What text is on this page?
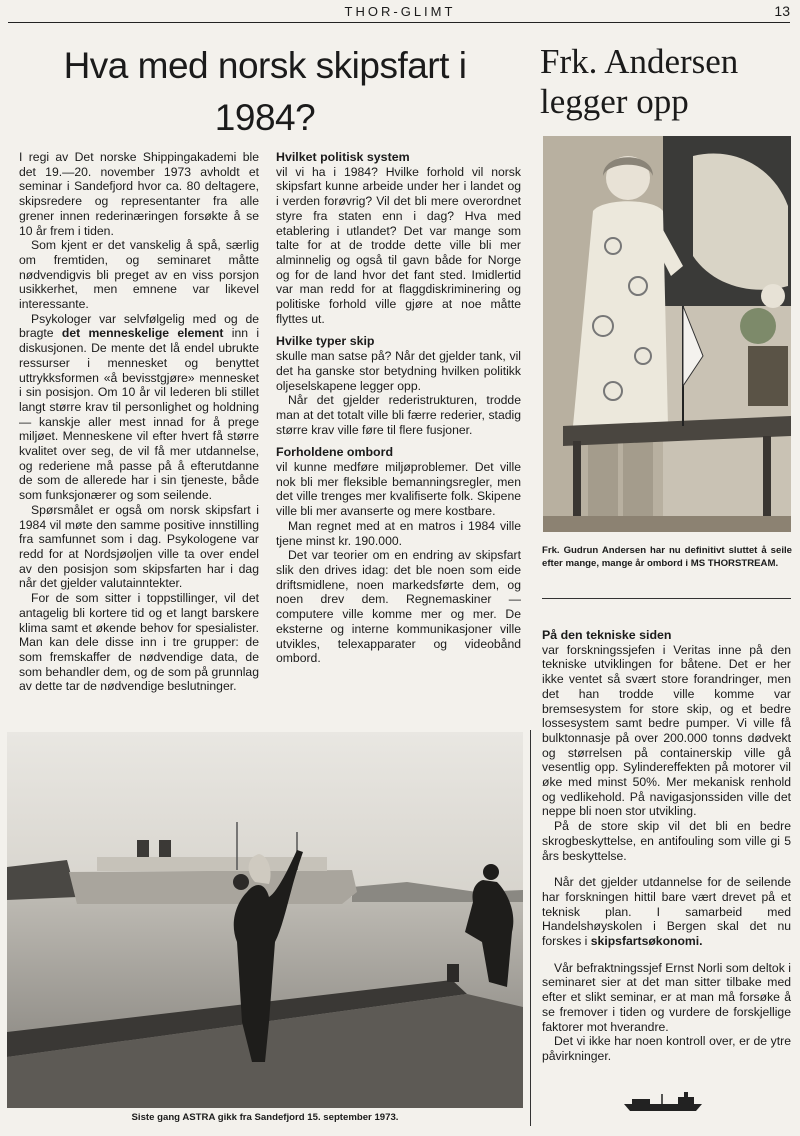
THOR-GLIMT	13
Hva med norsk skipsfart i 1984?
Frk. Andersen legger opp

I regi av Det norske Shippingakademi ble det 19.—20. november 1973 avholdt et seminar i Sandefjord hvor ca. 80 deltagere, skipsredere og representanter fra alle grener innen rederinæringen forsøkte å se 10 år frem i tiden.

Som kjent er det vanskelig å spå, særlig om fremtiden, og seminaret måtte nødvendigvis bli preget av en viss porsjon usikkerhet, men emnene var likevel interessante.

Psykologer var selvfølgelig med og de bragte det menneskelige element inn i diskusjonen. De mente det lå endel ubrukte ressurser i mennesket og benyttet uttrykksformen «å bevisstgjøre» mennesket i sin posisjon. Om 10 år vil lederen bli stillet langt større krav til personlighet og holdning — kanskje aller mest innad for å prege miljøet. Menneskene vil efter hvert få større kvalitet over seg, de vil få mer utdannelse, og rederiene må passe på å efterutdanne de som de allerede har i sin tjeneste, både som funksjonærer og som seilende.

Spørsmålet er også om norsk skipsfart i 1984 vil møte den samme positive innstilling fra samfunnet som i dag. Psykologene var redd for at Nordsjøoljen ville ta over endel av den posisjon som skipsfarten har i dag når det gjelder valutainntekter.

For de som sitter i toppstillinger, vil det antagelig bli kortere tid og et langt barskere klima samt et økende behov for spesialister. Man kan dele disse inn i tre grupper: de som fremskaffer de nødvendige data, de som behandler dem, og de som på grunnlag av dette tar de nødvendige beslutninger.

Hvilket politisk system

vil vi ha i 1984? Hvilke forhold vil norsk skipsfart kunne arbeide under her i landet og i verden forøvrig? Vil det bli mere overordnet styre fra staten enn i dag? Hva med etablering i utlandet? Det var mange som talte for at de trodde dette ville bli mer alminnelig og også til gavn både for Norge og for de land hvor det fant sted. Imidlertid var man redd for at flaggdiskriminering og politiske forhold ville gjøre at noe måtte flyttes ut.

Hvilke typer skip

skulle man satse på? Når det gjelder tank, vil det ha ganske stor betydning hvilken politikk oljeselskapene legger opp.

Når det gjelder rederistrukturen, trodde man at det totalt ville bli færre rederier, stadig større krav ville føre til flere fusjoner.

Forholdene ombord

vil kunne medføre miljøproblemer. Det ville nok bli mer fleksible bemanningsregler, men det ville trenges mer kvalifiserte folk. Skipene ville bli mer avanserte og mere kostbare.

Man regnet med at en matros i 1984 ville tjene minst kr. 190.000.

Det var teorier om en endring av skipsfart slik den drives idag: det ble noen som eide driftsmidlene, noen markedsførte dem, og noen drev dem. Regnemaskiner — computere ville komme mer og mer. De eksterne og interne kommunikasjoner ville utvikles, telexapparater og videobånd ombord.

Frk. Gudrun Andersen har nu definitivt sluttet å seile efter mange, mange år ombord i MS THORSTREAM.
På den tekniske siden

var forskningssjefen i Veritas inne på den tekniske utviklingen for båtene. Det er her ikke ventet så svært store forandringer, men det han trodde ville komme var bremsesystem for store skip, og et bedre lossesystem samt bedre pumper. Vi ville få bulktonnasje på over 200.000 tonns dødvekt og størrelsen på containerskip ville gå vesentlig opp. Sylindereffekten på motorer vil øke med minst 50%. Mer mekanisk renhold og vedlikehold. På navigasjonssiden ville det neppe bli noen stor utvikling.

På de store skip vil det bli en bedre skrogbeskyttelse, en antifouling som ville gi 5 års beskyttelse.

Når det gjelder utdannelse for de seilende har forskningen hittil bare vært drevet på et teknisk plan. I samarbeid med Handelshøyskolen i Bergen skal det nu forskes i skipsfartsøkonomi.

Vår befraktningssjef Ernst Norli som deltok i seminaret sier at det man sitter tilbake med efter et slikt seminar, er at man må forsøke å se fremover i tiden og vurdere de forskjellige faktorer mot hverandre.

Det vi ikke har noen kontroll over, er de ytre påvirkninger.

Siste gang ASTRA gikk fra Sandefjord 15. september 1973.
